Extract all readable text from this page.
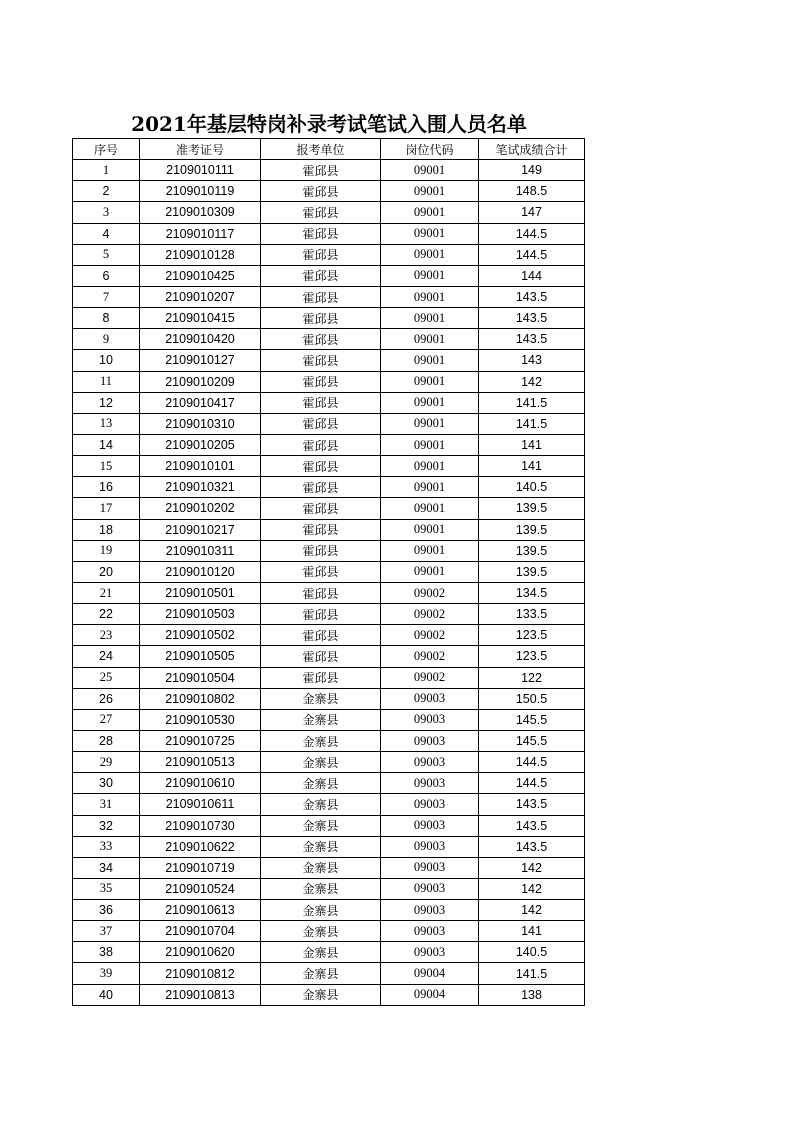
2021年基层特岗补录考试笔试入围人员名单
序号	准考证号	报考单位	岗位代码	笔试成绩合计
1	2109010111	霍邱县	09001	149
2	2109010119	霍邱县	09001	148.5
3	2109010309	霍邱县	09001	147
4	2109010117	霍邱县	09001	144.5
5	2109010128	霍邱县	09001	144.5
6	2109010425	霍邱县	09001	144
7	2109010207	霍邱县	09001	143.5
8	2109010415	霍邱县	09001	143.5
9	2109010420	霍邱县	09001	143.5
10	2109010127	霍邱县	09001	143
11	2109010209	霍邱县	09001	142
12	2109010417	霍邱县	09001	141.5
13	2109010310	霍邱县	09001	141.5
14	2109010205	霍邱县	09001	141
15	2109010101	霍邱县	09001	141
16	2109010321	霍邱县	09001	140.5
17	2109010202	霍邱县	09001	139.5
18	2109010217	霍邱县	09001	139.5
19	2109010311	霍邱县	09001	139.5
20	2109010120	霍邱县	09001	139.5
21	2109010501	霍邱县	09002	134.5
22	2109010503	霍邱县	09002	133.5
23	2109010502	霍邱县	09002	123.5
24	2109010505	霍邱县	09002	123.5
25	2109010504	霍邱县	09002	122
26	2109010802	金寨县	09003	150.5
27	2109010530	金寨县	09003	145.5
28	2109010725	金寨县	09003	145.5
29	2109010513	金寨县	09003	144.5
30	2109010610	金寨县	09003	144.5
31	2109010611	金寨县	09003	143.5
32	2109010730	金寨县	09003	143.5
33	2109010622	金寨县	09003	143.5
34	2109010719	金寨县	09003	142
35	2109010524	金寨县	09003	142
36	2109010613	金寨县	09003	142
37	2109010704	金寨县	09003	141
38	2109010620	金寨县	09003	140.5
39	2109010812	金寨县	09004	141.5
40	2109010813	金寨县	09004	138
